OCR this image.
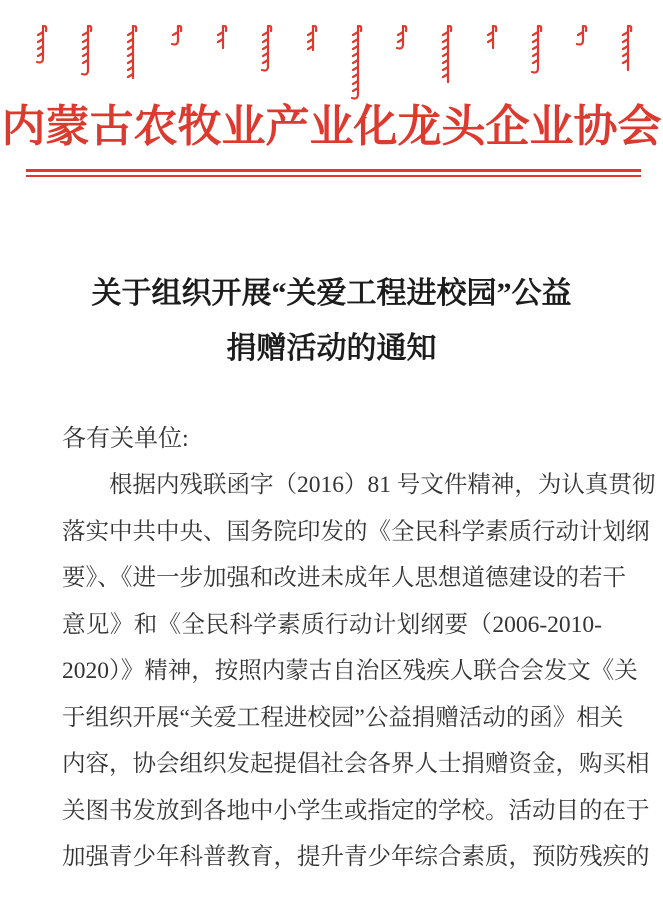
内蒙古农牧业产业化龙头企业协会
关于组织开展“关爱工程进校园”公益
捐赠活动的通知
各有关单位:
根据内残联函字（2016）81 号文件精神，为认真贯彻
落实中共中央、国务院印发的《全民科学素质行动计划纲
要》、《进一步加强和改进未成年人思想道德建设的若干
意见》和《全民科学素质行动计划纲要（2006-2010-
2020）》精神，按照内蒙古自治区残疾人联合会发文《关
于组织开展“关爱工程进校园”公益捐赠活动的函》相关
内容，协会组织发起提倡社会各界人士捐赠资金，购买相
关图书发放到各地中小学生或指定的学校。活动目的在于
加强青少年科普教育，提升青少年综合素质，预防残疾的
